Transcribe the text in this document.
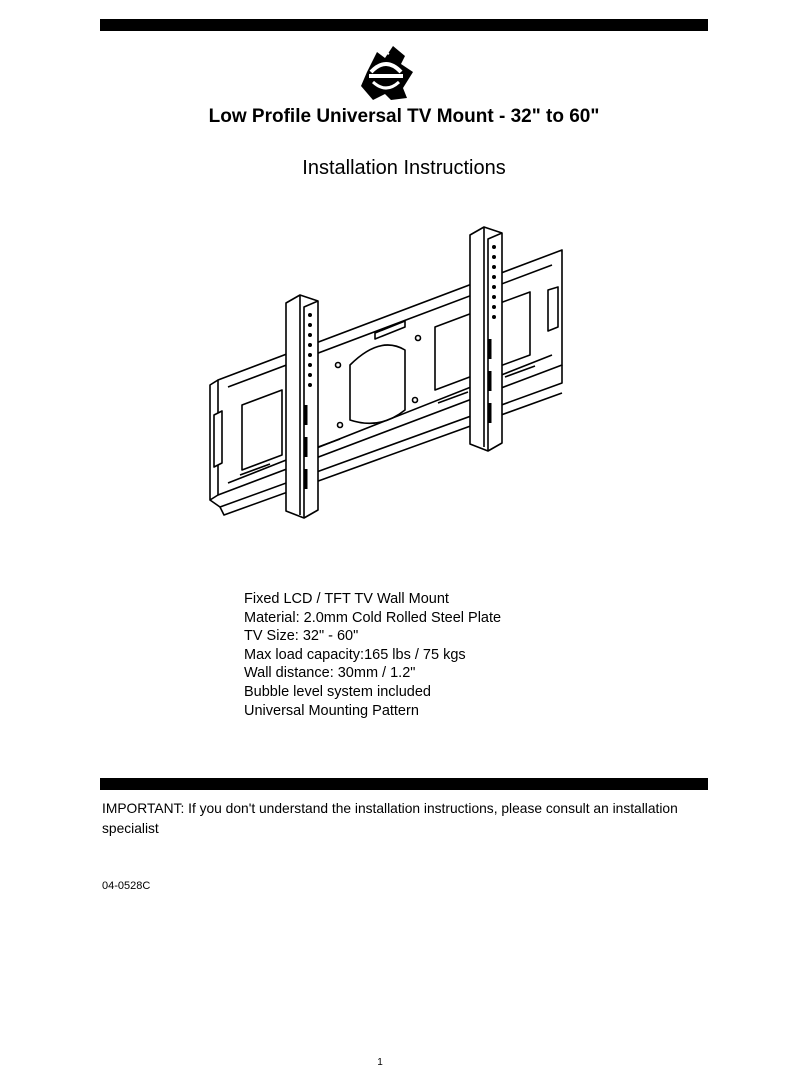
Low Profile Universal TV Mount - 32" to 60"
Installation Instructions
Fixed LCD / TFT TV Wall Mount
Material: 2.0mm Cold Rolled Steel Plate
TV Size: 32" - 60"
Max load capacity:165 lbs / 75 kgs
Wall distance: 30mm / 1.2"
Bubble level system included
Universal Mounting Pattern
IMPORTANT: If you don't understand the installation instructions, please consult an installation specialist
04-0528C
1
